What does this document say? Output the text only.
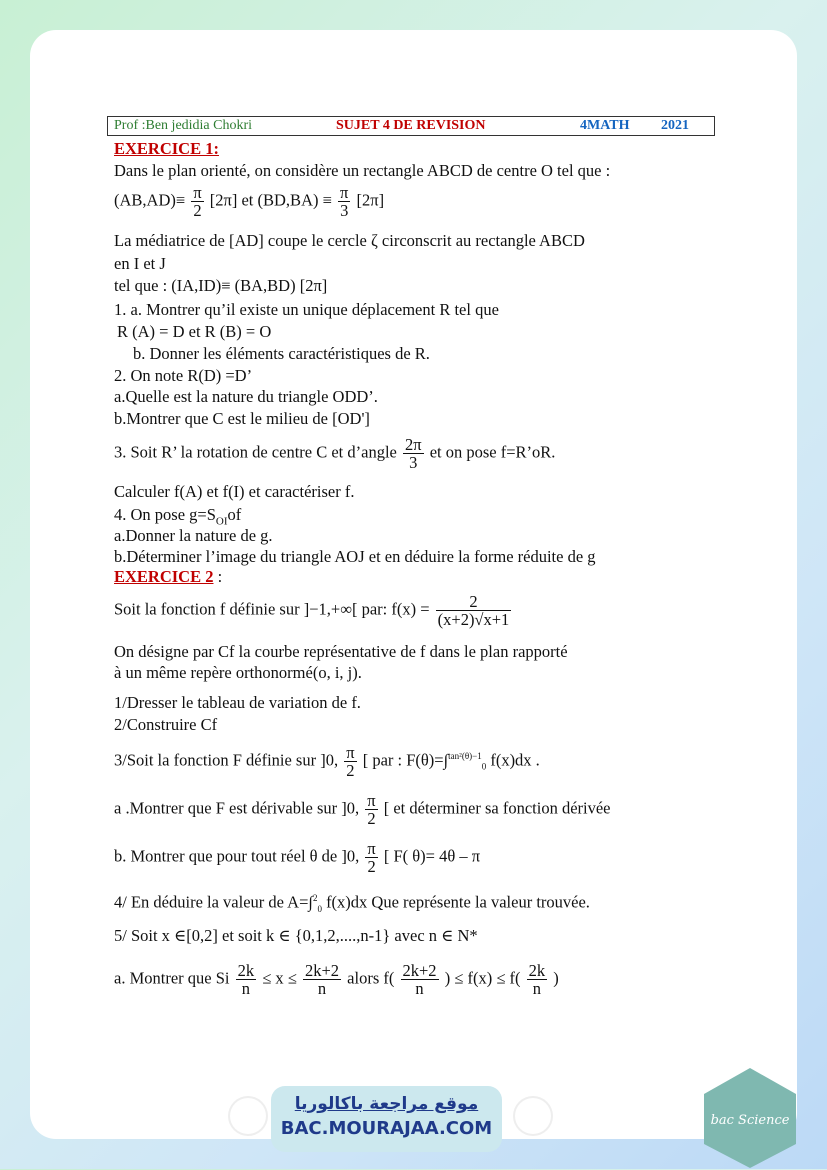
Prof :Ben jedidia Chokri	SUJET 4 DE REVISION	4MATH 2021
EXERCICE 1:
Dans le plan orienté, on considère un rectangle ABCD de centre O tel que :
$(AB,AD)\equiv \frac{\pi}{2} [2\pi]$ et $(BD,BA) \equiv \frac{\pi}{3} [2\pi]$
La médiatrice de [AD] coupe le cercle ζ circonscrit au rectangle ABCD
en I et J
tel que : (IA,ID)≡ (BA,BD) [2π]
1. a. Montrer qu’il existe un unique déplacement R tel que
R (A) = D et R (B) = O
b. Donner les éléments caractéristiques de R.
2. On note R(D) =D’
a.Quelle est la nature du triangle ODD’.
b.Montrer que C est le milieu de [OD']
3. Soit R’ la rotation de centre C et d’angle $\frac{2\pi}{3}$ et on pose f=R’oR.
Calculer f(A) et f(I) et caractériser f.
4. On pose $g=S_{OI}of$
a.Donner la nature de g.
b.Déterminer l’image du triangle AOJ et en déduire la forme réduite de g
EXERCICE 2 :
Soit la fonction f définie sur ]−1,+∞[ par: $f(x) = \frac{2}{(x+2)√x+1}$
On désigne par Cf la courbe représentative de f dans le plan rapporté
à un même repère orthonormé(o, i, j).
1/Dresser le tableau de variation de f.
2/Construire Cf
3/Soit la fonction F définie sur ]0, $\frac{\pi}{2}$ [ par : F(θ)=∫$^{tan^2(\theta)-1}_0$ f(x)dx .
a .Montrer que F est dérivable sur ]0, $\frac{\pi}{2}$ [ et déterminer sa fonction dérivée
b. Montrer que pour tout réel θ de ]0, $\frac{\pi}{2}$ [ F( θ)= 4θ – π
4/ En déduire la valeur de A=∫$^2_0$ f(x)dx Que représente la valeur trouvée.
5/ Soit x ∈[0,2] et soit k ∈ {0,1,2,....,n-1} avec n ∈ N*
a. Montrer que Si $\frac{2k}{n} \le x \le \frac{2k+2}{n}$ alors $f( \frac{2k+2}{n}$ ) ≤ $f(x) \le f( \frac{2k}{n}$ )
موقع مراجعة باكالوريا
BAC.MOURAJAA.COM	bac Science
